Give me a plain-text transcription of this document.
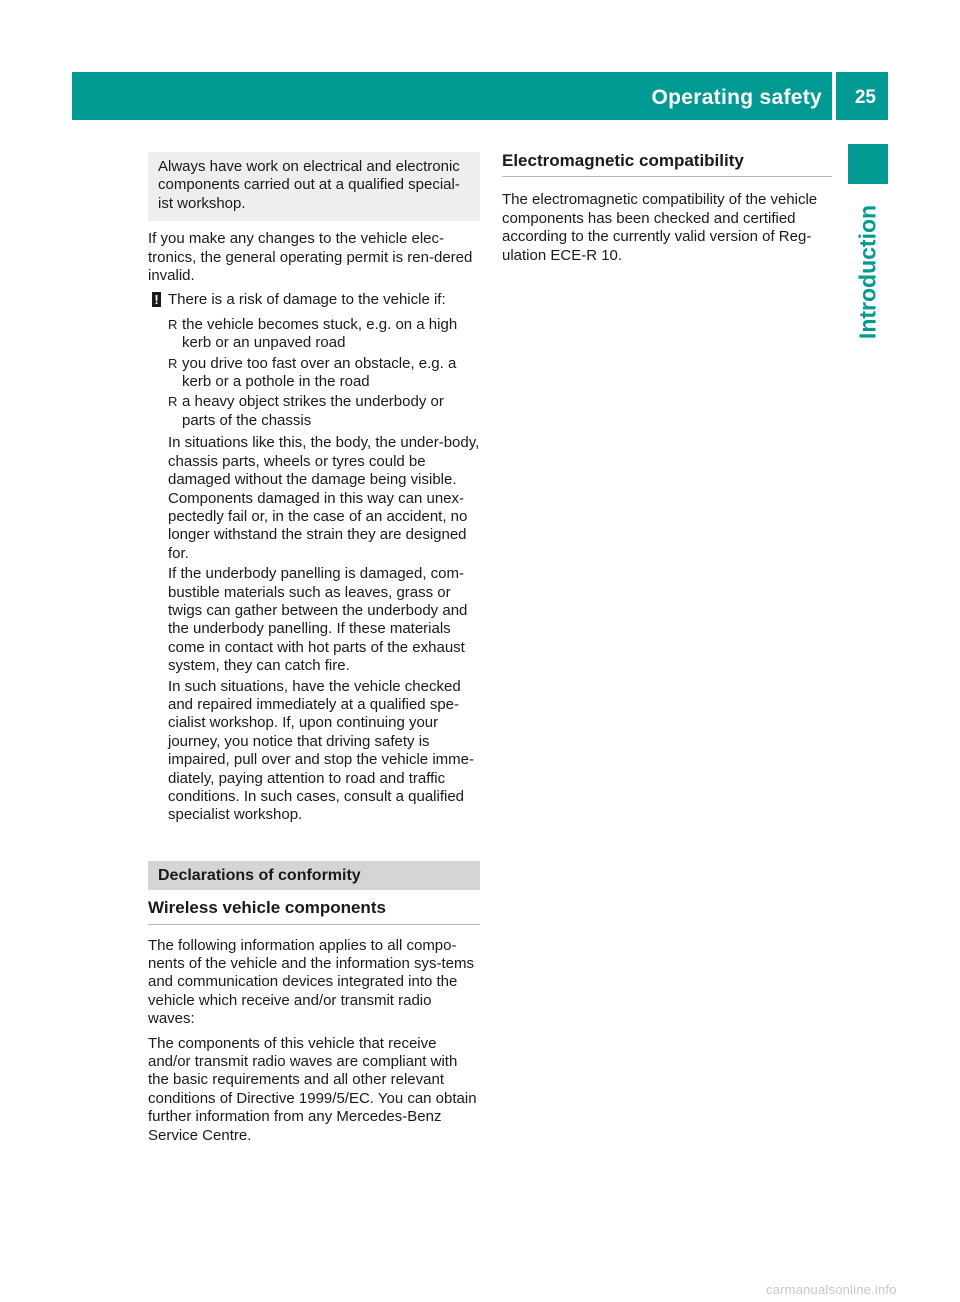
Operating safety 25
Introduction
Always have work on electrical and electronic components carried out at a qualified special-ist workshop.

If you make any changes to the vehicle elec-tronics, the general operating permit is ren-dered invalid.

! There is a risk of damage to the vehicle if:
R the vehicle becomes stuck, e.g. on a high kerb or an unpaved road
R you drive too fast over an obstacle, e.g. a kerb or a pothole in the road
R a heavy object strikes the underbody or parts of the chassis

In situations like this, the body, the under-body, chassis parts, wheels or tyres could be damaged without the damage being visible. Components damaged in this way can unex-pectedly fail or, in the case of an accident, no longer withstand the strain they are designed for.

If the underbody panelling is damaged, com-bustible materials such as leaves, grass or twigs can gather between the underbody and the underbody panelling. If these materials come in contact with hot parts of the exhaust system, they can catch fire.

In such situations, have the vehicle checked and repaired immediately at a qualified spe-cialist workshop. If, upon continuing your journey, you notice that driving safety is impaired, pull over and stop the vehicle imme-diately, paying attention to road and traffic conditions. In such cases, consult a qualified specialist workshop.

Declarations of conformity
Wireless vehicle components

The following information applies to all compo-nents of the vehicle and the information sys-tems and communication devices integrated into the vehicle which receive and/or transmit radio waves:

The components of this vehicle that receive and/or transmit radio waves are compliant with the basic requirements and all other relevant conditions of Directive 1999/5/EC. You can obtain further information from any Mercedes-Benz Service Centre.

Electromagnetic compatibility

The electromagnetic compatibility of the vehicle components has been checked and certified according to the currently valid version of Reg-ulation ECE-R 10.

carmanualsonline.info
